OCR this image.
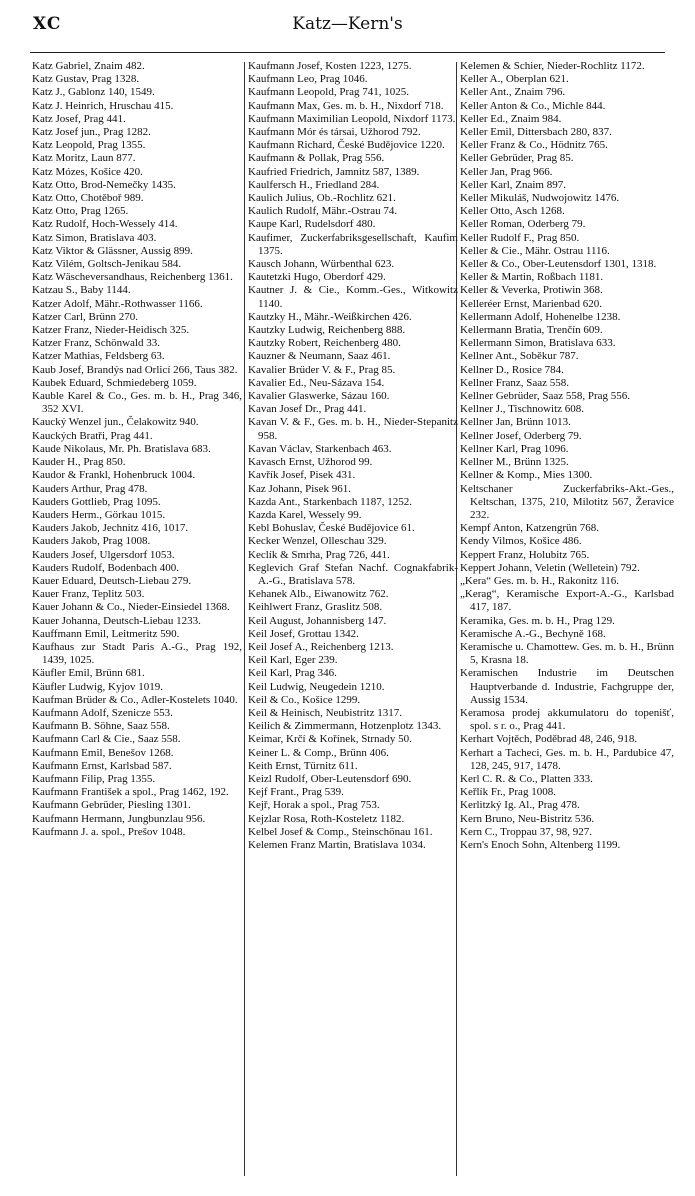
XC	Katz—Kern's

Katz Gabriel, Znaim 482.

Katz Gustav, Prag 1328.

Katz J., Gablonz 140, 1549.

Katz J. Heinrich, Hruschau 415.

Katz Josef, Prag 441.

Katz Josef jun., Prag 1282.

Katz Leopold, Prag 1355.

Katz Moritz, Laun 877.

Katz Mózes, Košice 420.

Katz Otto, Brod-Nemečky 1435.

Katz Otto, Chotěboř 989.

Katz Otto, Prag 1265.

Katz Rudolf, Hoch-Wessely 414.

Katz Simon, Bratislava 403.

Katz Viktor & Glässner, Aussig 899.

Katz Vilém, Goltsch-Jenikau 584.

Katz Wäscheversandhaus, Reichenberg 1361.

Katzau S., Baby 1144.

Katzer Adolf, Mähr.-Rothwasser 1166.

Katzer Carl, Brünn 270.

Katzer Franz, Nieder-Heidisch 325.

Katzer Franz, Schönwald 33.

Katzer Mathias, Feldsberg 63.

Kaub Josef, Brandýs nad Orlicí 266, Taus 382.

Kaubek Eduard, Schmiedeberg 1059.

Kauble Karel & Co., Ges. m. b. H., Prag 346, 352 XVI.

Kaucký Wenzel jun., Čelakowitz 940.

Kauckých Bratři, Prag 441.

Kaude Nikolaus, Mr. Ph. Bratislava 683.

Kauder H., Prag 850.

Kaudor & Frankl, Hohenbruck 1004.

Kauders Arthur, Prag 478.

Kauders Gottlieb, Prag 1095.

Kauders Herm., Görkau 1015.

Kauders Jakob, Jechnitz 416, 1017.

Kauders Jakob, Prag 1008.

Kauders Josef, Ulgersdorf 1053.

Kauders Rudolf, Bodenbach 400.

Kauer Eduard, Deutsch-Liebau 279.

Kauer Franz, Teplitz 503.

Kauer Johann & Co., Nieder-Einsiedel 1368.

Kauer Johanna, Deutsch-Liebau 1233.

Kauffmann Emil, Leitmeritz 590.

Kaufhaus zur Stadt Paris A.-G., Prag 192, 1439, 1025.

Käufler Emil, Brünn 681.

Käufler Ludwig, Kyjov 1019.

Kaufman Brüder & Co., Adler-Kostelets 1040.

Kaufmann Adolf, Szenicze 553.

Kaufmann B. Söhne, Saaz 558.

Kaufmann Carl & Cie., Saaz 558.

Kaufmann Emil, Benešov 1268.

Kaufmann Ernst, Karlsbad 587.

Kaufmann Filip, Prag 1355.

Kaufmann František a spol., Prag 1462, 192.

Kaufmann Gebrüder, Piesling 1301.

Kaufmann Hermann, Jungbunzlau 956.

Kaufmann J. a. spol., Prešov 1048.

Kaufmann Josef, Kosten 1223, 1275.

Kaufmann Leo, Prag 1046.

Kaufmann Leopold, Prag 741, 1025.

Kaufmann Max, Ges. m. b. H., Nixdorf 718.

Kaufmann Maximilian Leopold, Nixdorf 1173.

Kaufmann Mór és társai, Užhorod 792.

Kaufmann Richard, České Budějovice 1220.

Kaufmann & Pollak, Prag 556.

Kaufried Friedrich, Jamnitz 587, 1389.

Kaulfersch H., Friedland 284.

Kaulich Julius, Ob.-Rochlitz 621.

Kaulich Rudolf, Mähr.-Ostrau 74.

Kaupe Karl, Rudelsdorf 480.

Kaufimer, Zuckerfabriksgesellschaft, Kaufim 1375.

Kausch Johann, Würbenthal 623.

Kautetzki Hugo, Oberdorf 429.

Kautner J. & Cie., Komm.-Ges., Witkowitz 1140.

Kautzky H., Mähr.-Weißkirchen 426.

Kautzky Ludwig, Reichenberg 888.

Kautzky Robert, Reichenberg 480.

Kauzner & Neumann, Saaz 461.

Kavalier Brüder V. & F., Prag 85.

Kavalier Ed., Neu-Sázava 154.

Kavalier Glaswerke, Sázau 160.

Kavan Josef Dr., Prag 441.

Kavan V. & F., Ges. m. b. H., Nieder-Stepanitz 958.

Kavan Václav, Starkenbach 463.

Kavasch Ernst, Užhorod 99.

Kavřík Josef, Pisek 431.

Kaz Johann, Pisek 961.

Kazda Ant., Starkenbach 1187, 1252.

Kazda Karel, Wessely 99.

Kebl Bohuslav, České Budějovice 61.

Kecker Wenzel, Olleschau 329.

Keclík & Smrha, Prag 726, 441.

Keglevich Graf Stefan Nachf. Cognakfabrik-A.-G., Bratislava 578.

Kehanek Alb., Eiwanowitz 762.

Keihlwert Franz, Graslitz 508.

Keil August, Johannisberg 147.

Keil Josef, Grottau 1342.

Keil Josef A., Reichenberg 1213.

Keil Karl, Eger 239.

Keil Karl, Prag 346.

Keil Ludwig, Neugedein 1210.

Keil & Co., Košice 1299.

Keil & Heinisch, Neubistritz 1317.

Keilich & Zimmermann, Hotzenplotz 1343.

Keimar, Krčí & Kořínek, Strnady 50.

Keiner L. & Comp., Brünn 406.

Keith Ernst, Türnitz 611.

Keizl Rudolf, Ober-Leutensdorf 690.

Kejf Frant., Prag 539.

Kejř, Horak a spol., Prag 753.

Kejzlar Rosa, Roth-Kosteletz 1182.

Kelbel Josef & Comp., Steinschönau 161.

Kelemen Franz Martin, Bratislava 1034.

Kelemen & Schier, Nieder-Rochlitz 1172.

Keller A., Oberplan 621.

Keller Ant., Znaim 796.

Keller Anton & Co., Michle 844.

Keller Ed., Znaim 984.

Keller Emil, Dittersbach 280, 837.

Keller Franz & Co., Hödnitz 765.

Keller Gebrüder, Prag 85.

Keller Jan, Prag 966.

Keller Karl, Znaim 897.

Keller Mikuláš, Nudwojowitz 1476.

Keller Otto, Asch 1268.

Keller Roman, Oderberg 79.

Keller Rudolf F., Prag 850.

Keller & Cie., Mähr. Ostrau 1116.

Keller & Co., Ober-Leutensdorf 1301, 1318.

Keller & Martin, Roßbach 1181.

Keller & Veverka, Protiwin 368.

Kelleréer Ernst, Marienbad 620.

Kellermann Adolf, Hohenelbe 1238.

Kellermann Bratia, Trenčín 609.

Kellermann Simon, Bratislava 633.

Kellner Ant., Soběkur 787.

Kellner D., Rosice 784.

Kellner Franz, Saaz 558.

Kellner Gebrüder, Saaz 558, Prag 556.

Kellner J., Tischnowitz 608.

Kellner Jan, Brünn 1013.

Kellner Josef, Oderberg 79.

Kellner Karl, Prag 1096.

Kellner M., Brünn 1325.

Kellner & Komp., Mies 1300.

Keltschaner Zuckerfabriks-Akt.-Ges., Keltschan, 1375, 210, Milotitz 567, Žeravice 232.

Kempf Anton, Katzengrün 768.

Kendy Vilmos, Košice 486.

Keppert Franz, Holubitz 765.

Keppert Johann, Veletin (Welletein) 792.

„Kera“ Ges. m. b. H., Rakonitz 116.

„Kerag“, Keramische Export-A.-G., Karlsbad 417, 187.

Keramika, Ges. m. b. H., Prag 129.

Keramische A.-G., Bechyně 168.

Keramische u. Chamottew. Ges. m. b. H., Brünn 5, Krasna 18.

Keramischen Industrie im Deutschen Hauptverbande d. Industrie, Fachgruppe der, Aussig 1534.

Keramosa prodej akkumulatoru do topenišť, spol. s r. o., Prag 441.

Kerhart Vojtěch, Poděbrad 48, 246, 918.

Kerhart a Tacheci, Ges. m. b. H., Pardubice 47, 128, 245, 917, 1478.

Kerl C. R. & Co., Platten 333.

Keřlík Fr., Prag 1008.

Kerlitzký Ig. Al., Prag 478.

Kern Bruno, Neu-Bistritz 536.

Kern C., Troppau 37, 98, 927.

Kern's Enoch Sohn, Altenberg 1199.
